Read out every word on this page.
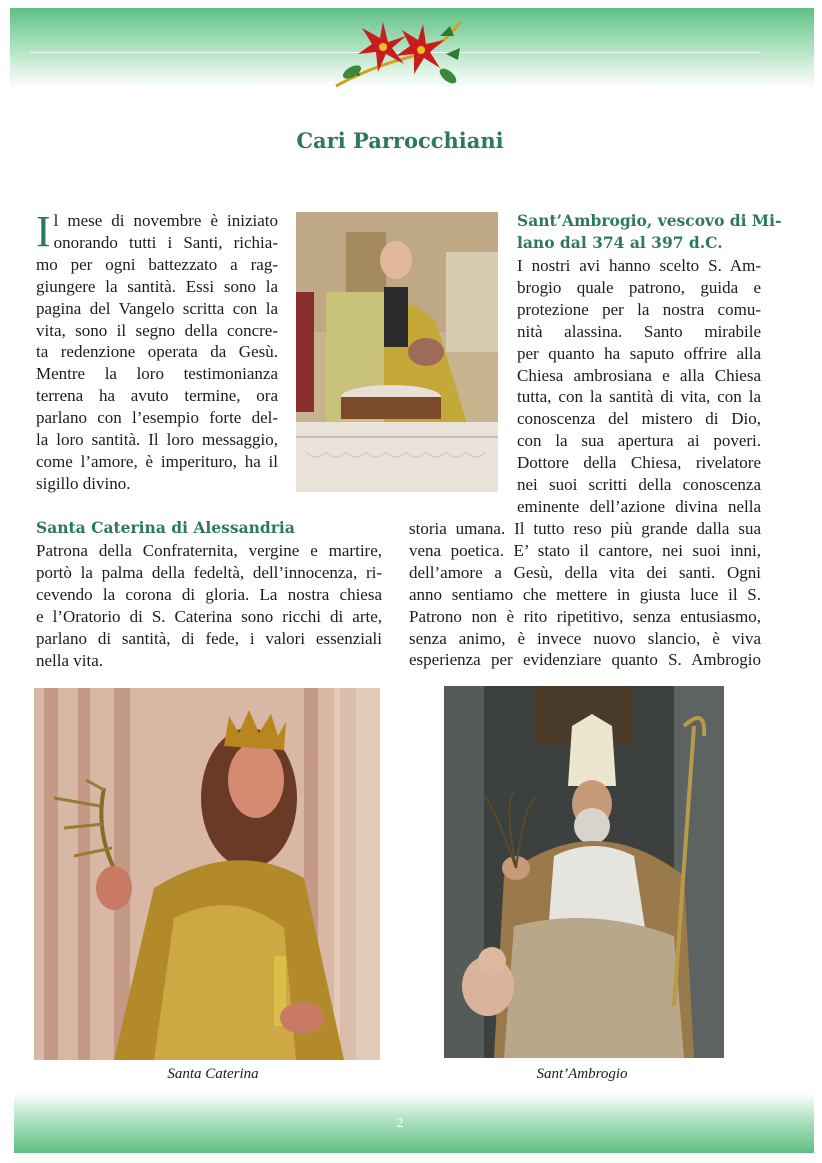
Cari Parrocchiani
I l mese di novembre è iniziato
onorando tutti i Santi, richia-
mo per ogni battezzato a rag-
giungere la santità. Essi sono la
pagina del Vangelo scritta con la
vita, sono il segno della concre-
ta redenzione operata da Gesù.
Mentre la loro testimonianza
terrena ha avuto termine, ora
parlano con l’esempio forte del-
la loro santità. Il loro messaggio,
come l’amore, è imperituro, ha il
sigillo divino.
Santa Caterina di Alessandria
Patrona della Confraternita, vergine e martire,
portò la palma della fedeltà, dell’innocenza, ri-
cevendo la corona di gloria. La nostra chiesa
e l’Oratorio di S. Caterina sono ricchi di arte,
parlano di santità, di fede, i valori essenziali
nella vita.
Sant’Ambrogio, vescovo di Mi-
lano dal 374 al 397 d.C.
I nostri avi hanno scelto S. Am-
brogio quale patrono, guida e
protezione per la nostra comu-
nità alassina. Santo mirabile
per quanto ha saputo offrire alla
Chiesa ambrosiana e alla Chiesa
tutta, con la santità di vita, con la
conoscenza del mistero di Dio,
con la sua apertura ai poveri.
Dottore della Chiesa, rivelatore
nei suoi scritti della conoscenza
eminente dell’azione divina nella
storia umana. Il tutto reso più grande dalla sua
vena poetica. E’ stato il cantore, nei suoi inni,
dell’amore a Gesù, della vita dei santi. Ogni
anno sentiamo che mettere in giusta luce il S.
Patrono non è rito ripetitivo, senza entusiasmo,
senza animo, è invece nuovo slancio, è viva
esperienza per evidenziare quanto S. Ambrogio
Santa Caterina	Sant’Ambrogio
2
